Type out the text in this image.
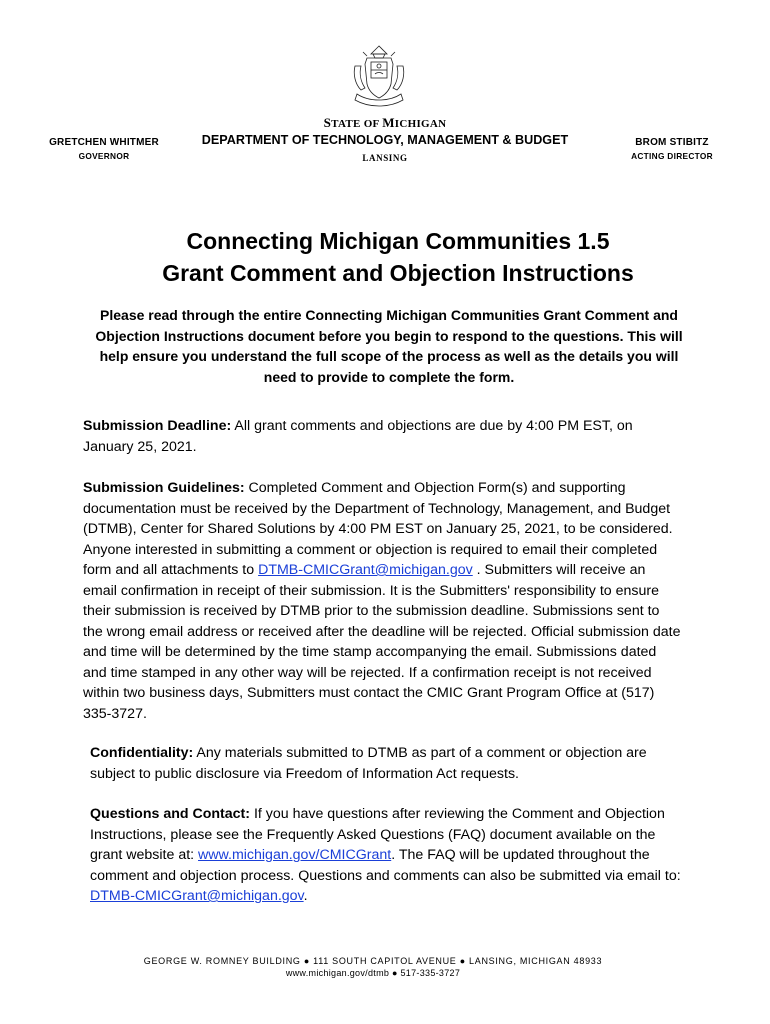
STATE OF MICHIGAN
GRETCHEN WHITMER
GOVERNOR
DEPARTMENT OF TECHNOLOGY, MANAGEMENT & BUDGET
LANSING
BROM STIBITZ
ACTING DIRECTOR
Connecting Michigan Communities 1.5
Grant Comment and Objection Instructions
Please read through the entire Connecting Michigan Communities Grant Comment and Objection Instructions document before you begin to respond to the questions. This will help ensure you understand the full scope of the process as well as the details you will need to provide to complete the form.
Submission Deadline: All grant comments and objections are due by 4:00 PM EST, on January 25, 2021.
Submission Guidelines: Completed Comment and Objection Form(s) and supporting documentation must be received by the Department of Technology, Management, and Budget (DTMB), Center for Shared Solutions by 4:00 PM EST on January 25, 2021, to be considered. Anyone interested in submitting a comment or objection is required to email their completed form and all attachments to DTMB-CMICGrant@michigan.gov . Submitters will receive an email confirmation in receipt of their submission. It is the Submitters' responsibility to ensure their submission is received by DTMB prior to the submission deadline. Submissions sent to the wrong email address or received after the deadline will be rejected. Official submission date and time will be determined by the time stamp accompanying the email. Submissions dated and time stamped in any other way will be rejected. If a confirmation receipt is not received within two business days, Submitters must contact the CMIC Grant Program Office at (517) 335-3727.
Confidentiality: Any materials submitted to DTMB as part of a comment or objection are subject to public disclosure via Freedom of Information Act requests.
Questions and Contact: If you have questions after reviewing the Comment and Objection Instructions, please see the Frequently Asked Questions (FAQ) document available on the grant website at: www.michigan.gov/CMICGrant. The FAQ will be updated throughout the comment and objection process. Questions and comments can also be submitted via email to: DTMB-CMICGrant@michigan.gov.
GEORGE W. ROMNEY BUILDING ● 111 SOUTH CAPITOL AVENUE ● LANSING, MICHIGAN 48933
www.michigan.gov/dtmb ● 517-335-3727
